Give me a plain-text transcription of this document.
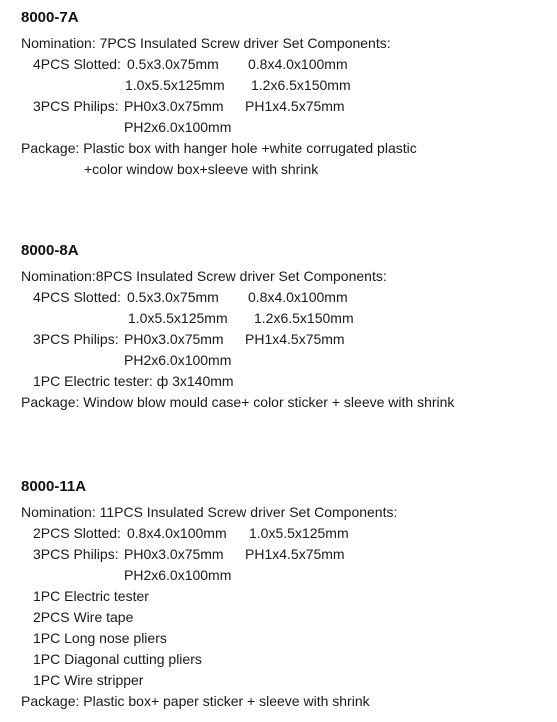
8000-7A
Nomination: 7PCS Insulated Screw driver Set Components:
4PCS Slotted: 0.5x3.0x75mm 0.8x4.0x100mm
1.0x5.5x125mm 1.2x6.5x150mm
3PCS Philips: PH0x3.0x75mm PH1x4.5x75mm
PH2x6.0x100mm
Package: Plastic box with hanger hole +white corrugated plastic
+color window box+sleeve with shrink
8000-8A
Nomination:8PCS Insulated Screw driver Set Components:
4PCS Slotted: 0.5x3.0x75mm 0.8x4.0x100mm
1.0x5.5x125mm 1.2x6.5x150mm
3PCS Philips: PH0x3.0x75mm PH1x4.5x75mm
PH2x6.0x100mm
1PC Electric tester: ф 3x140mm
Package: Window blow mould case+ color sticker + sleeve with shrink
8000-11A
Nomination: 11PCS Insulated Screw driver Set Components:
2PCS Slotted: 0.8x4.0x100mm 1.0x5.5x125mm
3PCS Philips: PH0x3.0x75mm PH1x4.5x75mm
PH2x6.0x100mm
1PC Electric tester
2PCS Wire tape
1PC Long nose pliers
1PC Diagonal cutting pliers
1PC Wire stripper
Package: Plastic box+ paper sticker + sleeve with shrink
